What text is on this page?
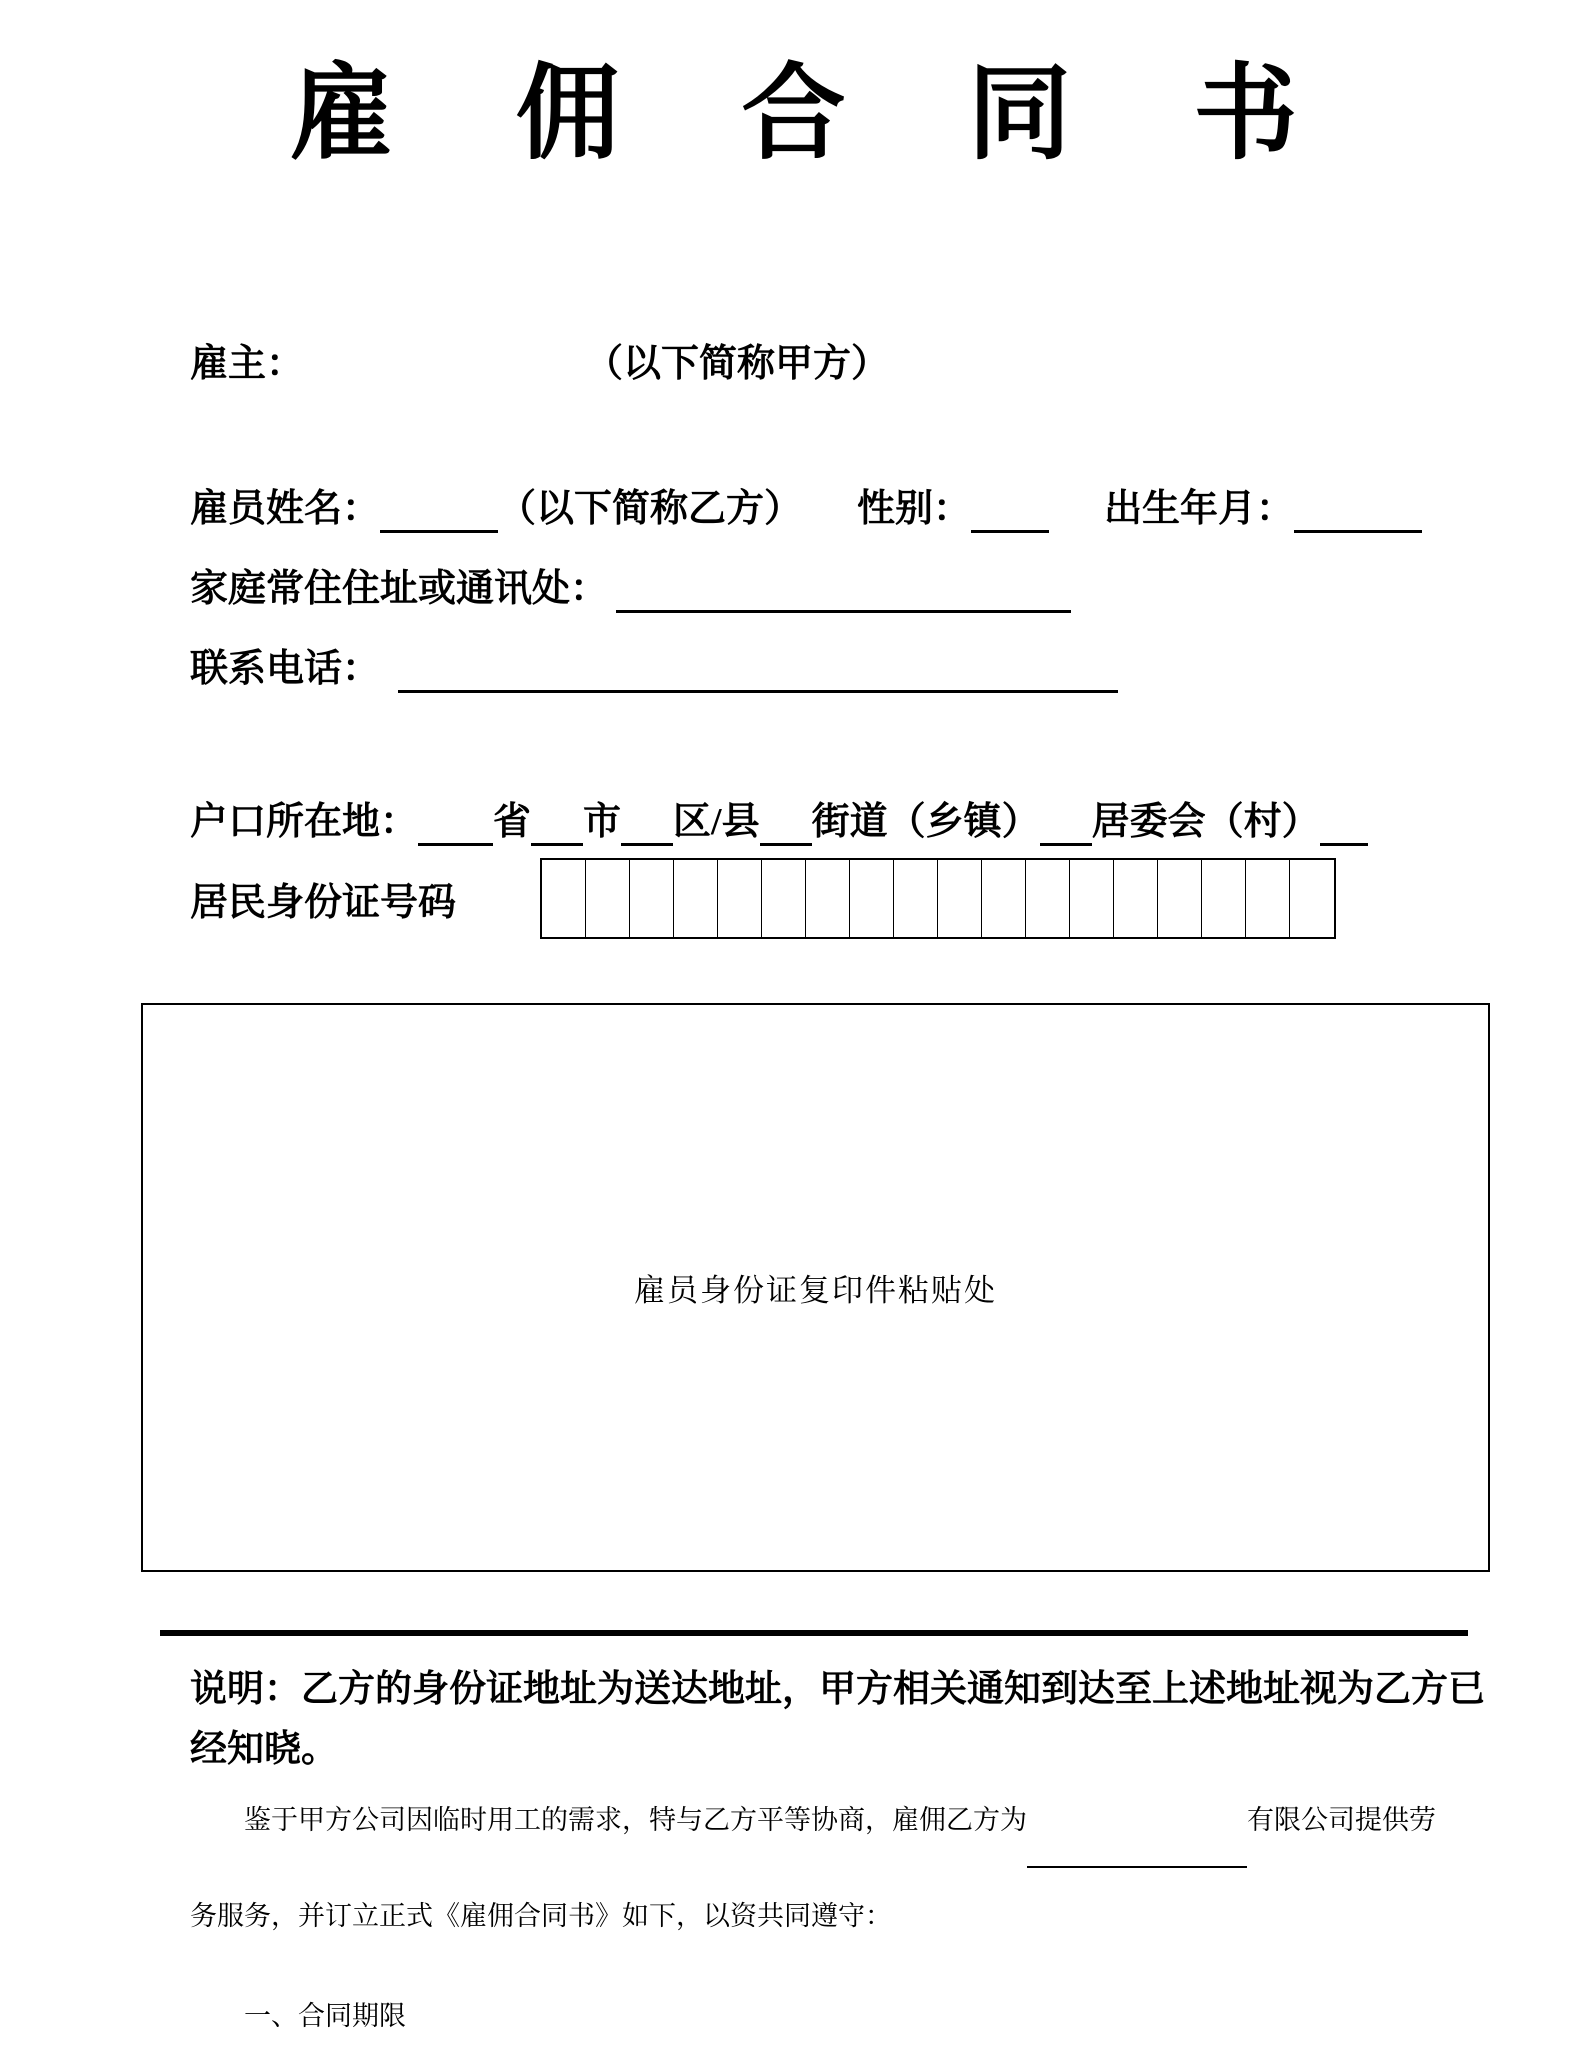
雇 佣 合 同 书
雇主：	（以下简称甲方）
雇员姓名：	（以下简称乙方） 性别：	出生年月：
家庭常住住址或通讯处：
联系电话：
户口所在地： 省 市 区/县 街道（乡镇） 居委会（村）
居民身份证号码
雇员身份证复印件粘贴处
说明：乙方的身份证地址为送达地址，甲方相关通知到达至上述地址视为乙方已经知晓。
鉴于甲方公司因临时用工的需求，特与乙方平等协商，雇佣乙方为	有限公司提供劳务服务，并订立正式《雇佣合同书》如下，以资共同遵守：
一、合同期限
